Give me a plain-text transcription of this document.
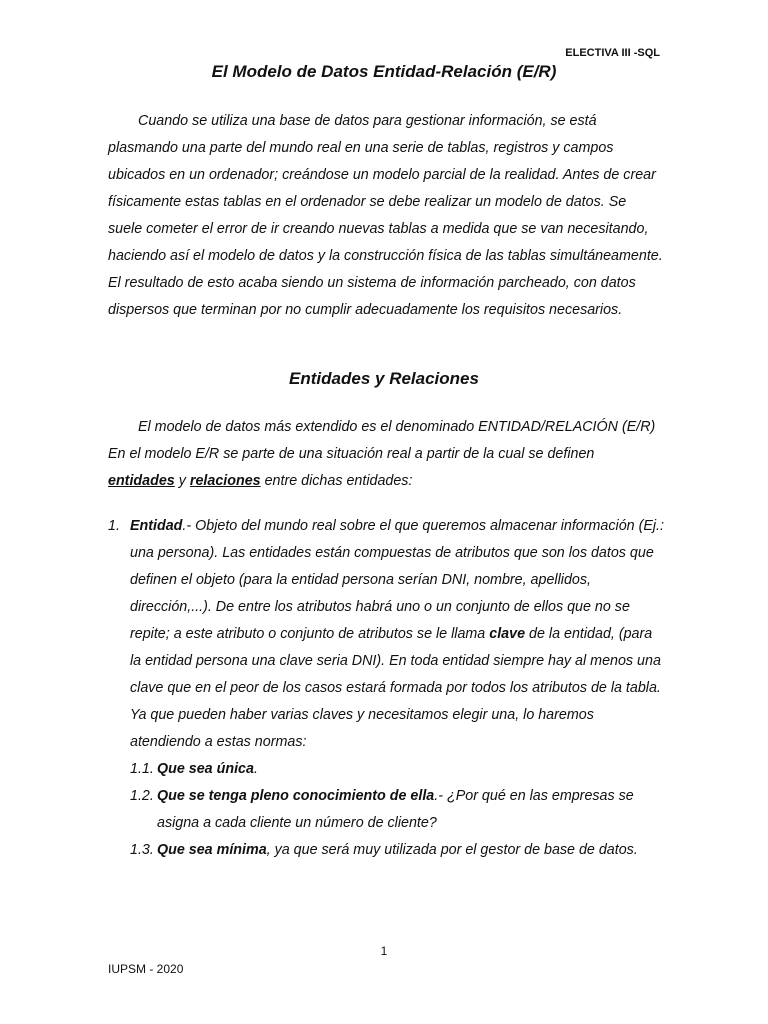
ELECTIVA III -SQL
El Modelo de Datos Entidad-Relación (E/R)
Cuando se utiliza una base de datos para gestionar información, se está plasmando una parte del mundo real en una serie de tablas, registros y campos ubicados en un ordenador; creándose un modelo parcial de la realidad. Antes de crear físicamente estas tablas en el ordenador se debe realizar un modelo de datos. Se suele cometer el error de ir creando nuevas tablas a medida que se van necesitando, haciendo así el modelo de datos y la construcción física de las tablas simultáneamente. El resultado de esto acaba siendo un sistema de información parcheado, con datos dispersos que terminan por no cumplir adecuadamente los requisitos necesarios.
Entidades y Relaciones
El modelo de datos más extendido es el denominado ENTIDAD/RELACIÓN (E/R) En el modelo E/R se parte de una situación real a partir de la cual se definen entidades y relaciones entre dichas entidades:
1. Entidad.- Objeto del mundo real sobre el que queremos almacenar información (Ej.: una persona). Las entidades están compuestas de atributos que son los datos que definen el objeto (para la entidad persona serían DNI, nombre, apellidos, dirección,...). De entre los atributos habrá uno o un conjunto de ellos que no se repite; a este atributo o conjunto de atributos se le llama clave de la entidad, (para la entidad persona una clave seria DNI). En toda entidad siempre hay al menos una clave que en el peor de los casos estará formada por todos los atributos de la tabla. Ya que pueden haber varias claves y necesitamos elegir una, lo haremos atendiendo a estas normas:
1.1. Que sea única.
1.2. Que se tenga pleno conocimiento de ella.- ¿Por qué en las empresas se asigna a cada cliente un número de cliente?
1.3. Que sea mínima, ya que será muy utilizada por el gestor de base de datos.
1
IUPSM - 2020
